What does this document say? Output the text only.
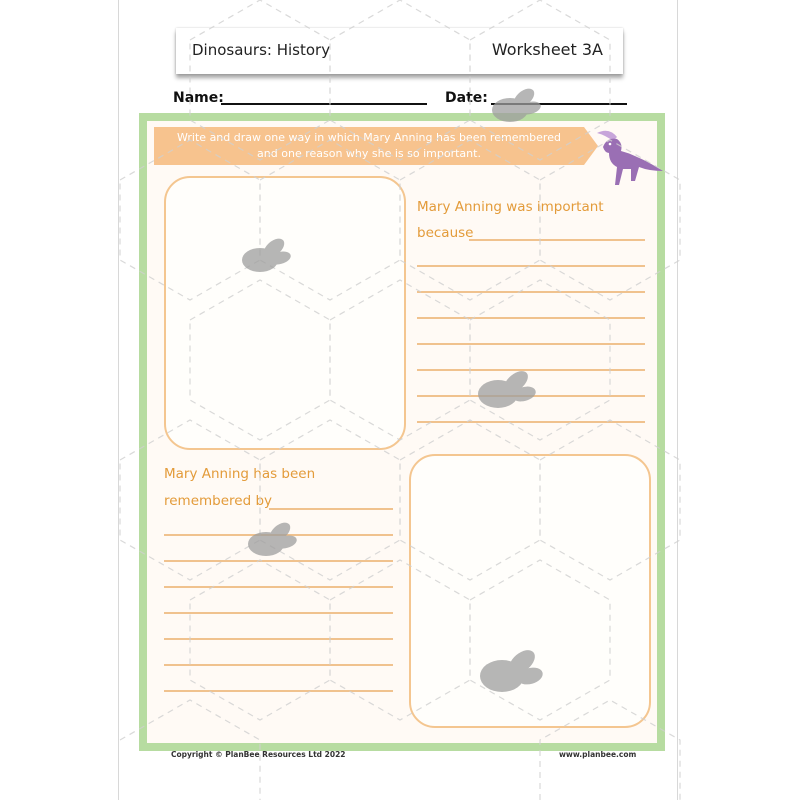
Dinosaurs: History	Worksheet 3A
Name:	Date:
Write and draw one way in which Mary Anning has been remembered
and one reason why she is so important.
Mary Anning was important
because
Mary Anning has been
remembered by
Copyright © PlanBee Resources Ltd 2022	www.planbee.com
